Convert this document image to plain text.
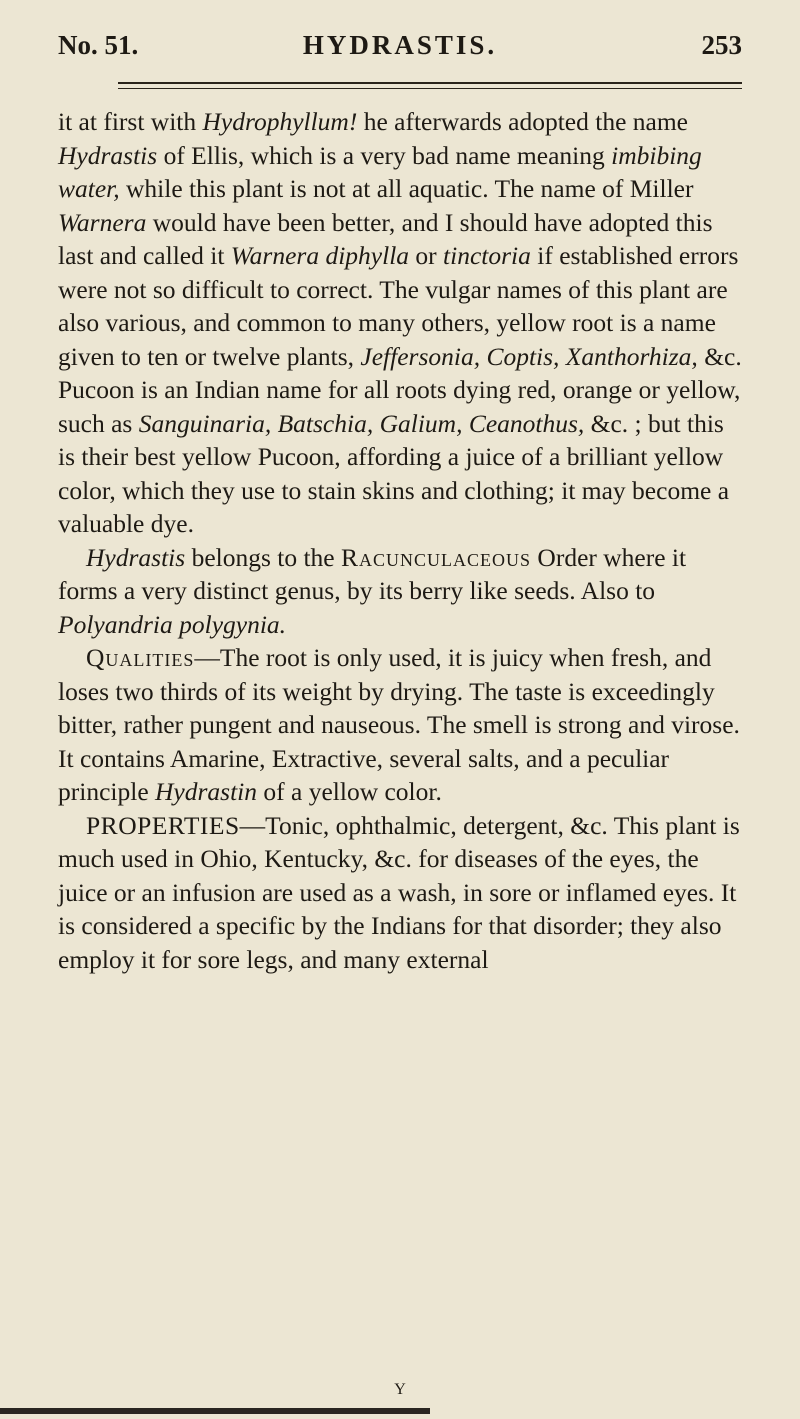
No. 51.	HYDRASTIS.	253

it at first with Hydrophyllum! he afterwards adopted the name Hydrastis of Ellis, which is a very bad name meaning imbibing water, while this plant is not at all aquatic. The name of Miller Warnera would have been better, and I should have adopted this last and called it Warnera diphylla or tinctoria if established errors were not so difficult to correct. The vulgar names of this plant are also various, and common to many others, yellow root is a name given to ten or twelve plants, Jeffersonia, Coptis, Xanthorhiza, &c. Pucoon is an Indian name for all roots dying red, orange or yellow, such as Sanguinaria, Batschia, Galium, Ceanothus, &c. ; but this is their best yellow Pucoon, affording a juice of a brilliant yellow color, which they use to stain skins and clothing; it may become a valuable dye.

Hydrastis belongs to the Racunculaceous Order where it forms a very distinct genus, by its berry like seeds. Also to Polyandria polygynia.

Qualities—The root is only used, it is juicy when fresh, and loses two thirds of its weight by drying. The taste is exceedingly bitter, rather pungent and nauseous. The smell is strong and virose. It contains Amarine, Extractive, several salts, and a peculiar principle Hydrastin of a yellow color.

PROPERTIES—Tonic, ophthalmic, detergent, &c. This plant is much used in Ohio, Kentucky, &c. for diseases of the eyes, the juice or an infusion are used as a wash, in sore or inflamed eyes. It is considered a specific by the Indians for that disorder; they also employ it for sore legs, and many external

Y
